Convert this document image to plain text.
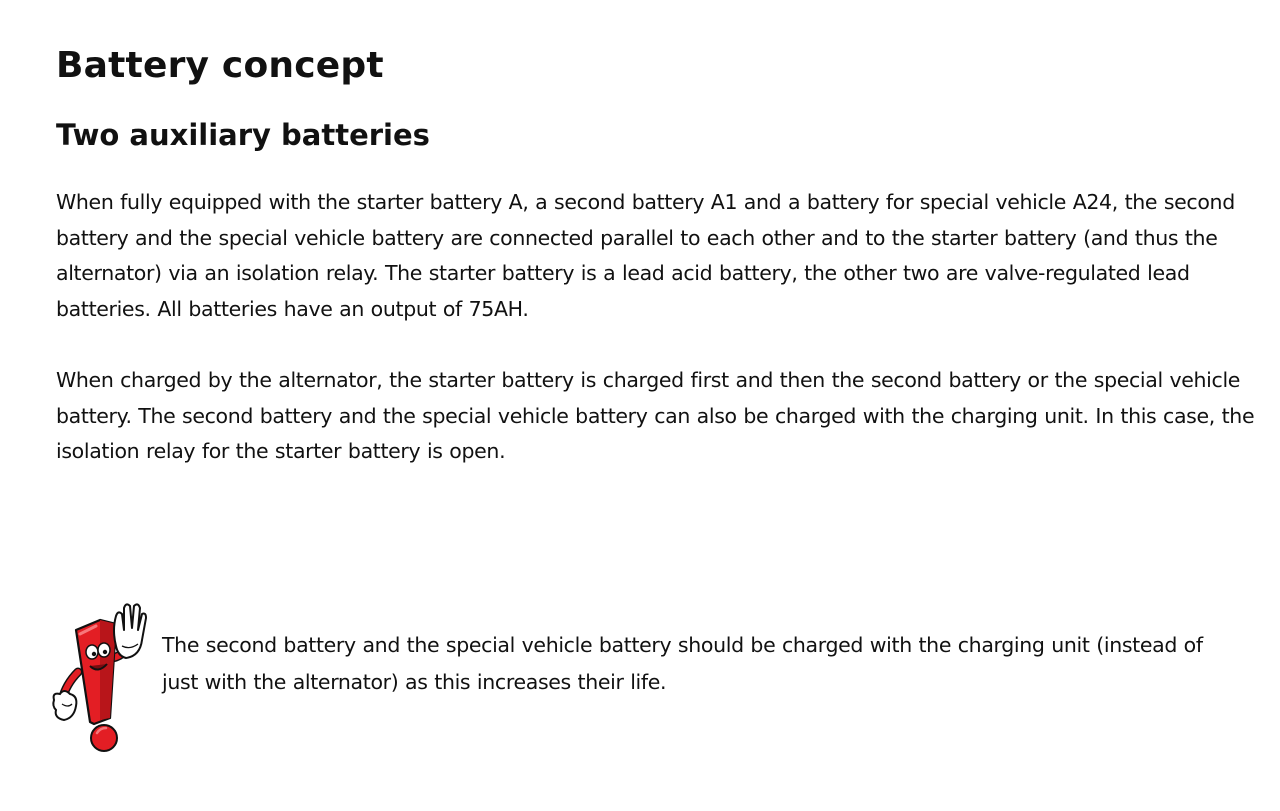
Battery concept
Two auxiliary batteries

When fully equipped with the starter battery A, a second battery A1 and a battery for special vehicle A24, the second battery and the special vehicle battery are connected parallel to each other and to the starter battery (and thus the alternator) via an isolation relay. The starter battery is a lead acid battery, the other two are valve-regulated lead batteries. All batteries have an output of 75AH.

When charged by the alternator, the starter battery is charged first and then the second battery or the special vehicle battery. The second battery and the special vehicle battery can also be charged with the charging unit. In this case, the isolation relay for the starter battery is open.

The second battery and the special vehicle battery should be charged with the charging unit (instead of just with the alternator) as this increases their life.
